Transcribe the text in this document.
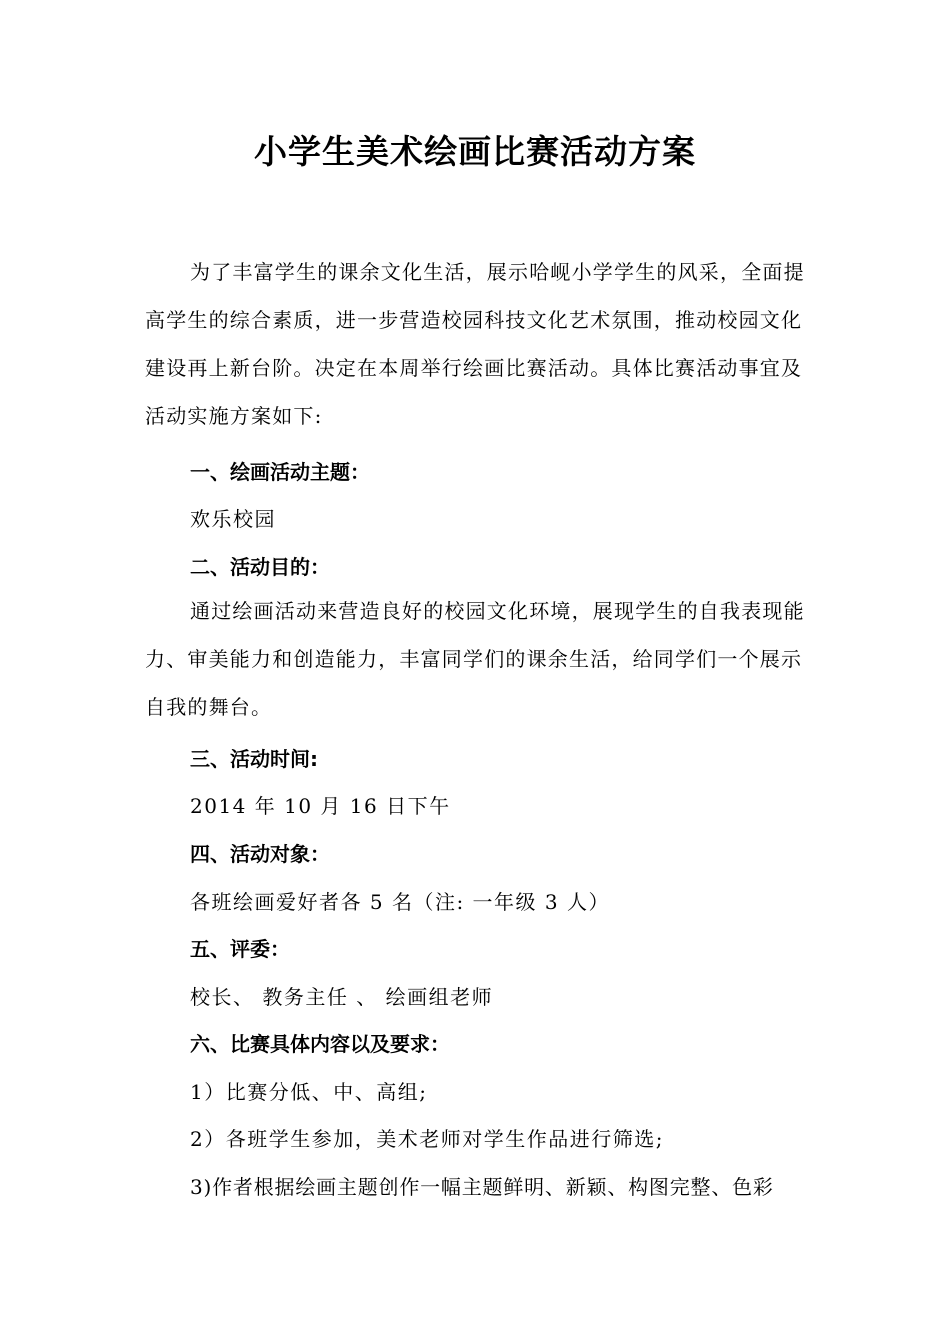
小学生美术绘画比赛活动方案
为了丰富学生的课余文化生活，展示哈岘小学学生的风采，全面提高学生的综合素质，进一步营造校园科技文化艺术氛围，推动校园文化建设再上新台阶。决定在本周举行绘画比赛活动。具体比赛活动事宜及活动实施方案如下:
一、绘画活动主题：
欢乐校园
二、活动目的：
通过绘画活动来营造良好的校园文化环境，展现学生的自我表现能力、审美能力和创造能力，丰富同学们的课余生活，给同学们一个展示自我的舞台。
三、活动时间:
2014 年 10 月 16 日下午
四、活动对象：
各班绘画爱好者各 5 名（注: 一年级 3 人）
五、评委：
校长、 教务主任 、 绘画组老师
六、比赛具体内容以及要求：
1）比赛分低、中、高组;
2）各班学生参加，美术老师对学生作品进行筛选;
3)作者根据绘画主题创作一幅主题鲜明、新颖、构图完整、色彩
